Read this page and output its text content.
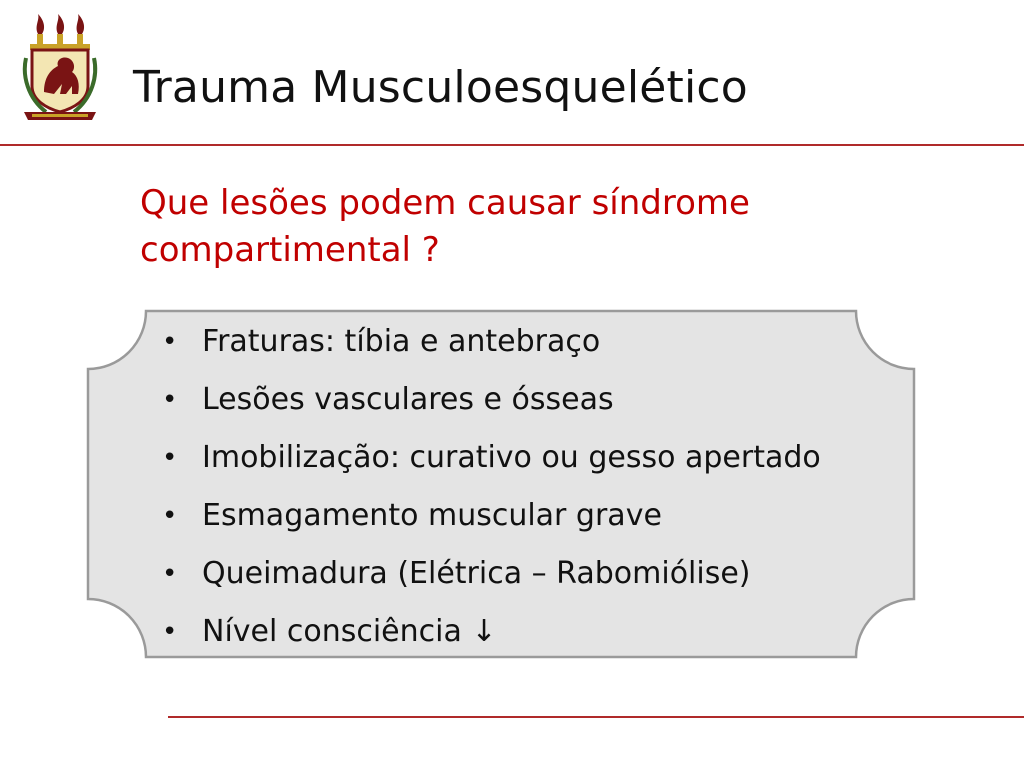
Trauma Musculoesquelético

Que lesões podem causar síndrome compartimental ?

• Fraturas: tíbia e antebraço
• Lesões vasculares e ósseas
• Imobilização: curativo ou gesso apertado
• Esmagamento muscular grave
• Queimadura (Elétrica – Rabomiólise)
• Nível consciência ↓
